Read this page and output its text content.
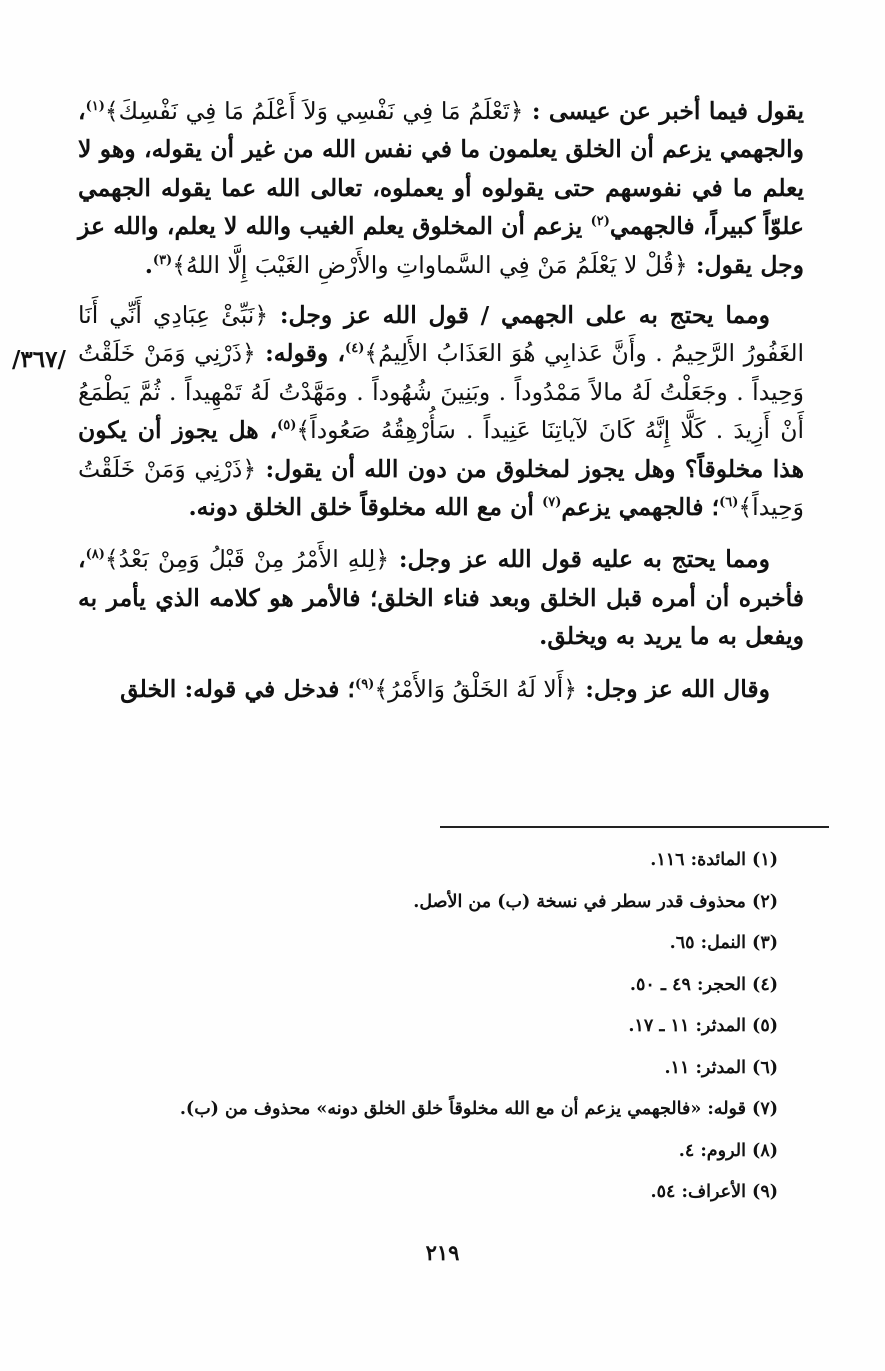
يقول فيما أخبر عن عيسى : ﴿تَعْلَمُ مَا فِي نَفْسِي وَلاَ أَعْلَمُ مَا فِي نَفْسِكَ﴾$^{(١)}$، والجهمي يزعم أن الخلق يعلمون ما في نفس الله من غير أن يقوله، وهو لا يعلم ما في نفوسهم حتى يقولوه أو يعملوه، تعالى الله عما يقوله الجهمي علوّاً كبيراً، فالجهمي$^{(٢)}$ يزعم أن المخلوق يعلم الغيب والله لا يعلم، والله عز وجل يقول: ﴿قُلْ لا يَعْلَمُ مَنْ فِي السَّماواتِ والأَرْضِ الغَيْبَ إِلَّا اللهُ﴾$^{(٣)}$.

ومما يحتج به على الجهمي / قول الله عز وجل: ﴿نَبِّئْ عِبَادِي أَنِّي أَنَا الغَفُورُ الرَّحِيمُ . وأَنَّ عَذابِي هُوَ العَذَابُ الأَلِيمُ﴾$^{(٤)}$، وقوله: ﴿ذَرْنِي وَمَنْ خَلَقْتُ وَحِيداً . وجَعَلْتُ لَهُ مالاً مَمْدُوداً . وبَنِينَ شُهُوداً . ومَهَّدْتُ لَهُ تَمْهِيداً . ثُمَّ يَطْمَعُ أَنْ أَزِيدَ . كَلَّا إِنَّهُ كَانَ لآياتِنَا عَنِيداً . سَأُرْهِقُهُ صَعُوداً﴾$^{(٥)}$، هل يجوز أن يكون هذا مخلوقاً؟ وهل يجوز لمخلوق من دون الله أن يقول: ﴿ذَرْنِي وَمَنْ خَلَقْتُ وَحِيداً﴾$^{(٦)}$؛ فالجهمي يزعم$^{(٧)}$ أن مع الله مخلوقاً خلق الخلق دونه.

ومما يحتج به عليه قول الله عز وجل: ﴿لِلهِ الأَمْرُ مِنْ قَبْلُ وَمِنْ بَعْدُ﴾$^{(٨)}$، فأخبره أن أمره قبل الخلق وبعد فناء الخلق؛ فالأمر هو كلامه الذي يأمر به ويفعل به ما يريد به ويخلق.

وقال الله عز وجل: ﴿أَلا لَهُ الخَلْقُ وَالأَمْرُ﴾$^{(٩)}$؛ فدخل في قوله: الخلق

/٣٦٧/
(١) المائدة: ١١٦.
(٢) محذوف قدر سطر في نسخة (ب) من الأصل.
(٣) النمل: ٦٥.
(٤) الحجر: ٤٩ ـ ٥٠.
(٥) المدثر: ١١ ـ ١٧.
(٦) المدثر: ١١.
(٧) قوله: «فالجهمي يزعم أن مع الله مخلوقاً خلق الخلق دونه» محذوف من (ب).
(٨) الروم: ٤.
(٩) الأعراف: ٥٤.
٢١٩
